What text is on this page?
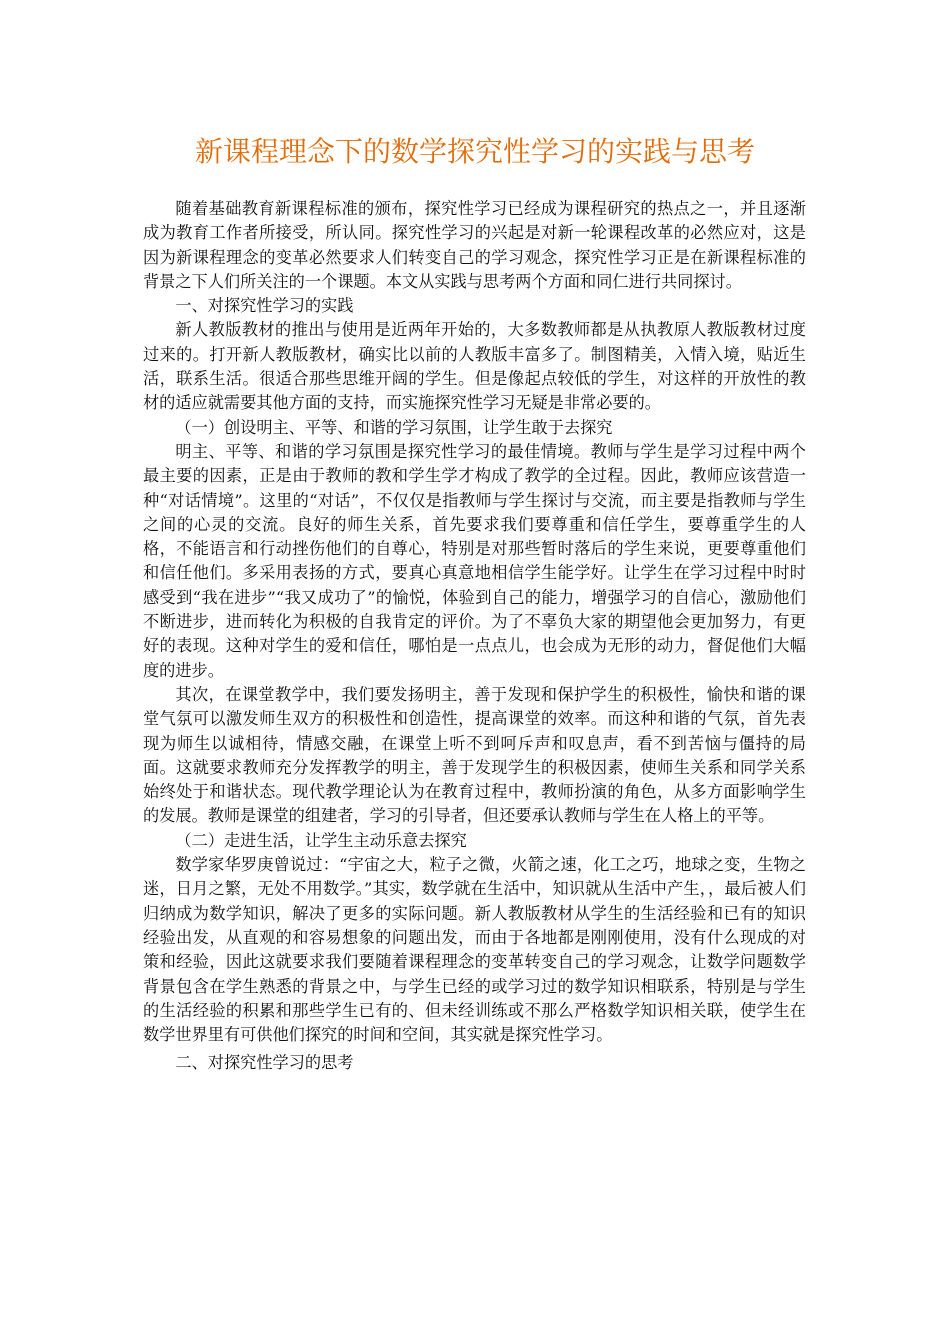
新课程理念下的数学探究性学习的实践与思考

随着基础教育新课程标准的颁布，探究性学习已经成为课程研究的热点之一，并且逐渐成为教育工作者所接受，所认同。探究性学习的兴起是对新一轮课程改革的必然应对，这是因为新课程理念的变革必然要求人们转变自己的学习观念，探究性学习正是在新课程标准的背景之下人们所关注的一个课题。本文从实践与思考两个方面和同仁进行共同探讨。

一、对探究性学习的实践

新人教版教材的推出与使用是近两年开始的，大多数教师都是从执教原人教版教材过度过来的。打开新人教版教材，确实比以前的人教版丰富多了。制图精美，入情入境，贴近生活，联系生活。很适合那些思维开阔的学生。但是像起点较低的学生，对这样的开放性的教材的适应就需要其他方面的支持，而实施探究性学习无疑是非常必要的。

（一）创设明主、平等、和谐的学习氛围，让学生敢于去探究

明主、平等、和谐的学习氛围是探究性学习的最佳情境。教师与学生是学习过程中两个最主要的因素，正是由于教师的教和学生学才构成了教学的全过程。因此，教师应该营造一种“对话情境”。这里的“对话”，不仅仅是指教师与学生探讨与交流，而主要是指教师与学生之间的心灵的交流。良好的师生关系，首先要求我们要尊重和信任学生，要尊重学生的人格，不能语言和行动挫伤他们的自尊心，特别是对那些暂时落后的学生来说，更要尊重他们和信任他们。多采用表扬的方式，要真心真意地相信学生能学好。让学生在学习过程中时时感受到“我在进步”“我又成功了”的愉悦，体验到自己的能力，增强学习的自信心，激励他们不断进步，进而转化为积极的自我肯定的评价。为了不辜负大家的期望他会更加努力，有更好的表现。这种对学生的爱和信任，哪怕是一点点儿，也会成为无形的动力，督促他们大幅度的进步。

其次，在课堂教学中，我们要发扬明主，善于发现和保护学生的积极性，愉快和谐的课堂气氛可以激发师生双方的积极性和创造性，提高课堂的效率。而这种和谐的气氛，首先表现为师生以诚相待，情感交融，在课堂上听不到呵斥声和叹息声，看不到苦恼与僵持的局面。这就要求教师充分发挥教学的明主，善于发现学生的积极因素，使师生关系和同学关系始终处于和谐状态。现代教学理论认为在教育过程中，教师扮演的角色，从多方面影响学生的发展。教师是课堂的组建者，学习的引导者，但还要承认教师与学生在人格上的平等。

（二）走进生活，让学生主动乐意去探究

数学家华罗庚曾说过：“宇宙之大，粒子之微，火箭之速，化工之巧，地球之变，生物之迷，日月之繁，无处不用数学。”其实，数学就在生活中，知识就从生活中产生，，最后被人们归纳成为数学知识，解决了更多的实际问题。新人教版教材从学生的生活经验和已有的知识经验出发，从直观的和容易想象的问题出发，而由于各地都是刚刚使用，没有什么现成的对策和经验，因此这就要求我们要随着课程理念的变革转变自己的学习观念，让数学问题数学背景包含在学生熟悉的背景之中，与学生已经的或学习过的数学知识相联系，特别是与学生的生活经验的积累和那些学生已有的、但未经训练或不那么严格数学知识相关联，使学生在数学世界里有可供他们探究的时间和空间，其实就是探究性学习。

二、对探究性学习的思考
